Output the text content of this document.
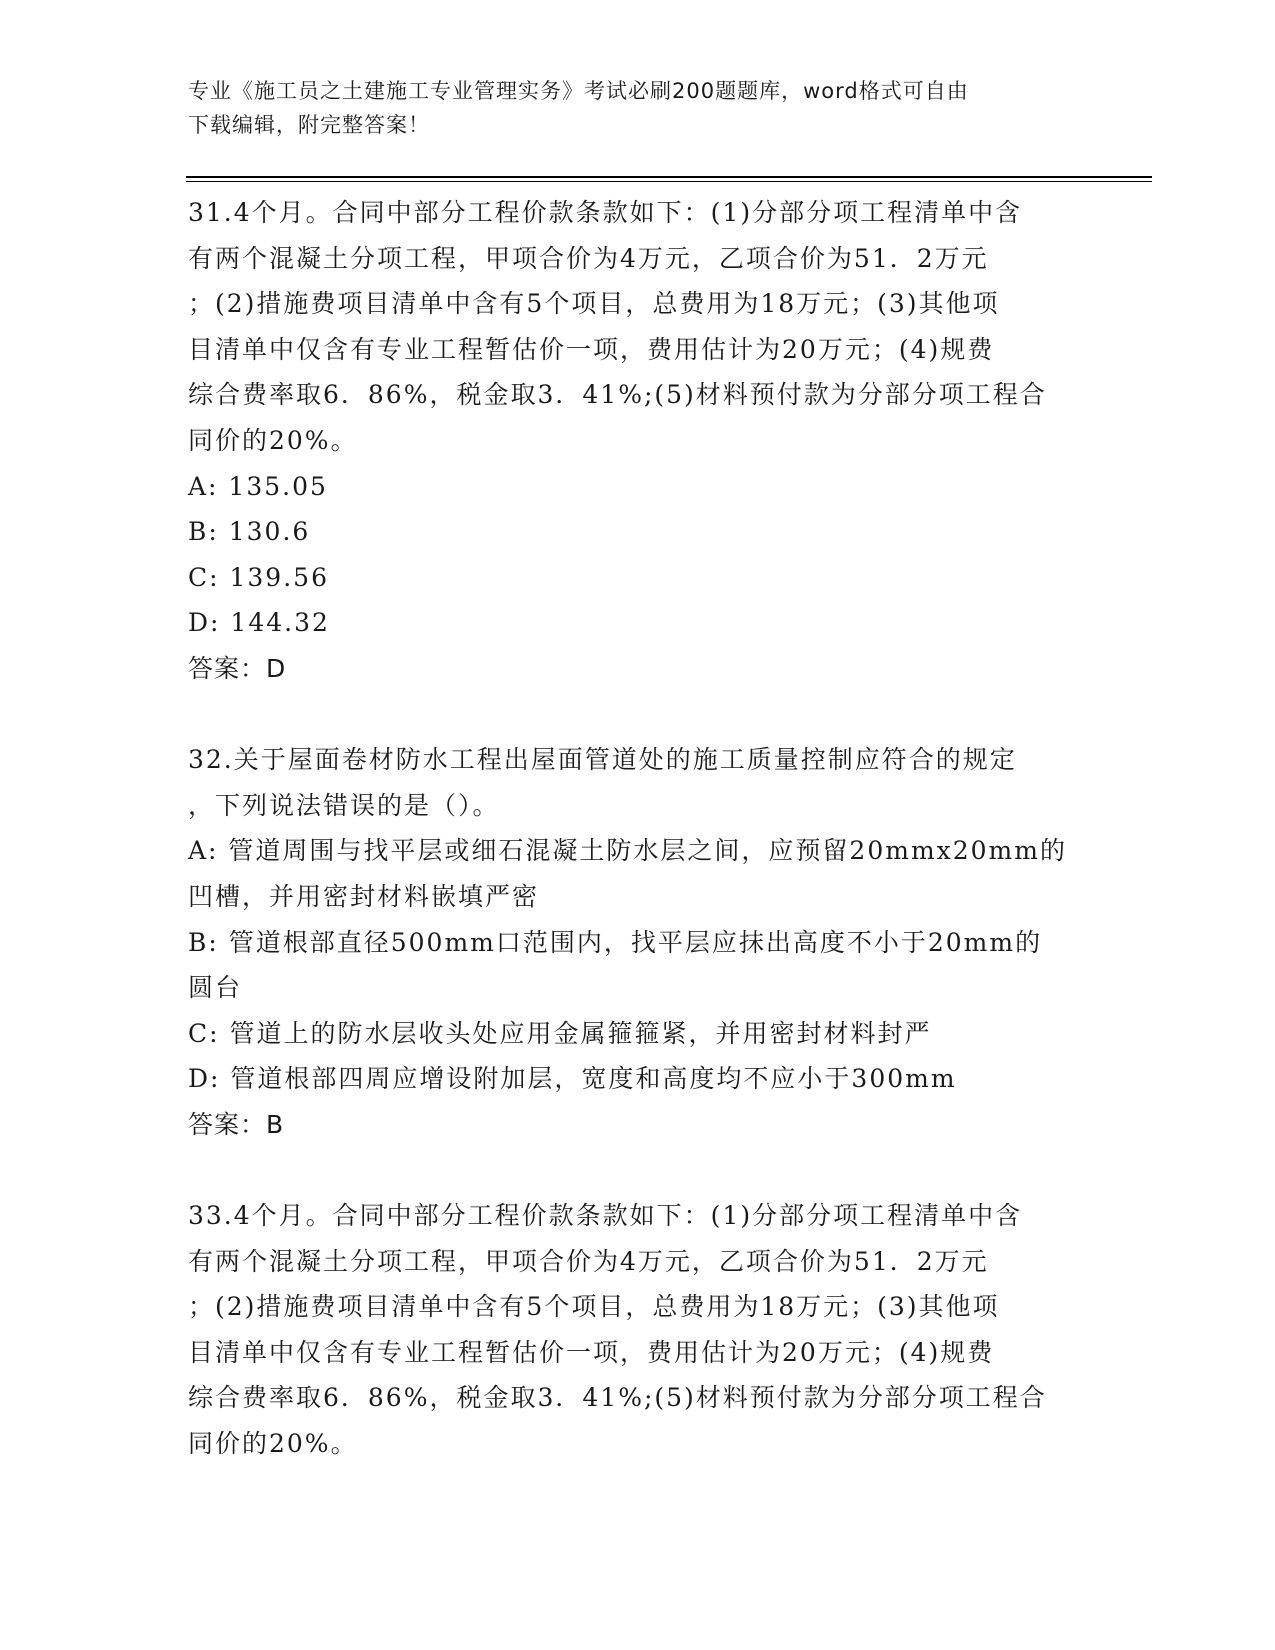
专业《施工员之土建施工专业管理实务》考试必刷200题题库，word格式可自由
下载编辑，附完整答案！
31.4个月。合同中部分工程价款条款如下：(1)分部分项工程清单中含
有两个混凝土分项工程，甲项合价为4万元，乙项合价为51．2万元
；(2)措施费项目清单中含有5个项目，总费用为18万元；(3)其他项
目清单中仅含有专业工程暂估价一项，费用估计为20万元；(4)规费
综合费率取6．86%，税金取3．41%;(5)材料预付款为分部分项工程合
同价的20%。
A: 135.05
B: 130.6
C: 139.56
D: 144.32
答案：D
32.关于屋面卷材防水工程出屋面管道处的施工质量控制应符合的规定
，下列说法错误的是（）。
A: 管道周围与找平层或细石混凝土防水层之间，应预留20mmx20mm的
凹槽，并用密封材料嵌填严密
B: 管道根部直径500mm口范围内，找平层应抹出高度不小于20mm的
圆台
C: 管道上的防水层收头处应用金属箍箍紧，并用密封材料封严
D: 管道根部四周应增设附加层，宽度和高度均不应小于300mm
答案：B
33.4个月。合同中部分工程价款条款如下：(1)分部分项工程清单中含
有两个混凝土分项工程，甲项合价为4万元，乙项合价为51．2万元
；(2)措施费项目清单中含有5个项目，总费用为18万元；(3)其他项
目清单中仅含有专业工程暂估价一项，费用估计为20万元；(4)规费
综合费率取6．86%，税金取3．41%;(5)材料预付款为分部分项工程合
同价的20%。
